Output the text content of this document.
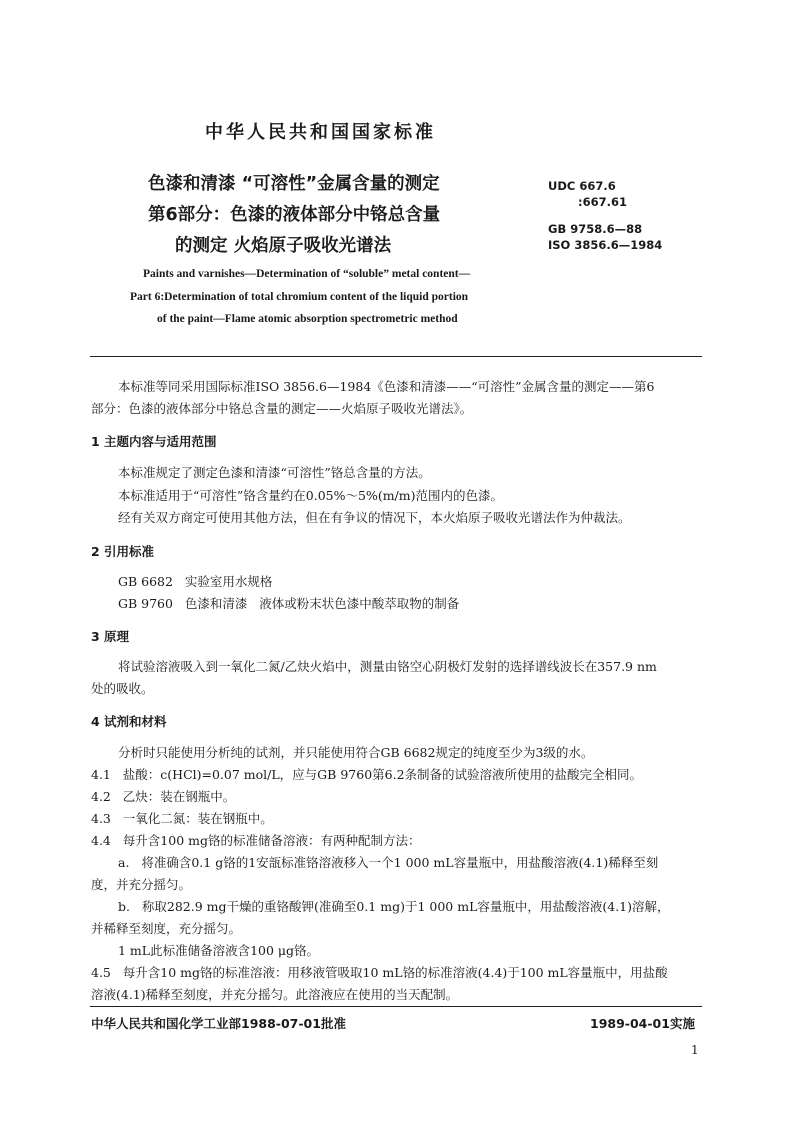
中华人民共和国国家标准
色漆和清漆 “可溶性”金属含量的测定
第6部分：色漆的液体部分中铬总含量
的测定 火焰原子吸收光谱法
UDC 667.6
:667.61
GB 9758.6—88
ISO 3856.6—1984
Paints and varnishes—Determination of “soluble” metal content—
Part 6:Determination of total chromium content of the liquid portion
of the paint—Flame atomic absorption spectrometric method
本标准等同采用国际标准ISO 3856.6—1984《色漆和清漆——“可溶性”金属含量的测定——第6
部分：色漆的液体部分中铬总含量的测定——火焰原子吸收光谱法》。
1 主题内容与适用范围
本标准规定了测定色漆和清漆“可溶性”铬总含量的方法。
本标准适用于“可溶性”铬含量约在0.05%～5%(m/m)范围内的色漆。
经有关双方商定可使用其他方法，但在有争议的情况下，本火焰原子吸收光谱法作为仲裁法。
2 引用标准
GB 6682   实验室用水规格
GB 9760   色漆和清漆   液体或粉末状色漆中酸萃取物的制备
3 原理
将试验溶液吸入到一氧化二氮/乙炔火焰中，测量由铬空心阴极灯发射的选择谱线波长在357.9 nm
处的吸收。
4 试剂和材料
分析时只能使用分析纯的试剂，并只能使用符合GB 6682规定的纯度至少为3级的水。
4.1   盐酸：c(HCl)=0.07 mol/L，应与GB 9760第6.2条制备的试验溶液所使用的盐酸完全相同。
4.2   乙炔：装在钢瓶中。
4.3   一氧化二氮：装在钢瓶中。
4.4   每升含100 mg铬的标准储备溶液：有两种配制方法：
a.   将准确含0.1 g铬的1安瓿标准铬溶液移入一个1 000 mL容量瓶中，用盐酸溶液(4.1)稀释至刻
度，并充分摇匀。
b.   称取282.9 mg干燥的重铬酸钾(准确至0.1 mg)于1 000 mL容量瓶中，用盐酸溶液(4.1)溶解，
并稀释至刻度，充分摇匀。
1 mL此标准储备溶液含100 μg铬。
4.5   每升含10 mg铬的标准溶液：用移液管吸取10 mL铬的标准溶液(4.4)于100 mL容量瓶中，用盐酸
溶液(4.1)稀释至刻度，并充分摇匀。此溶液应在使用的当天配制。
中华人民共和国化学工业部1988-07-01批准	1989-04-01实施
1
